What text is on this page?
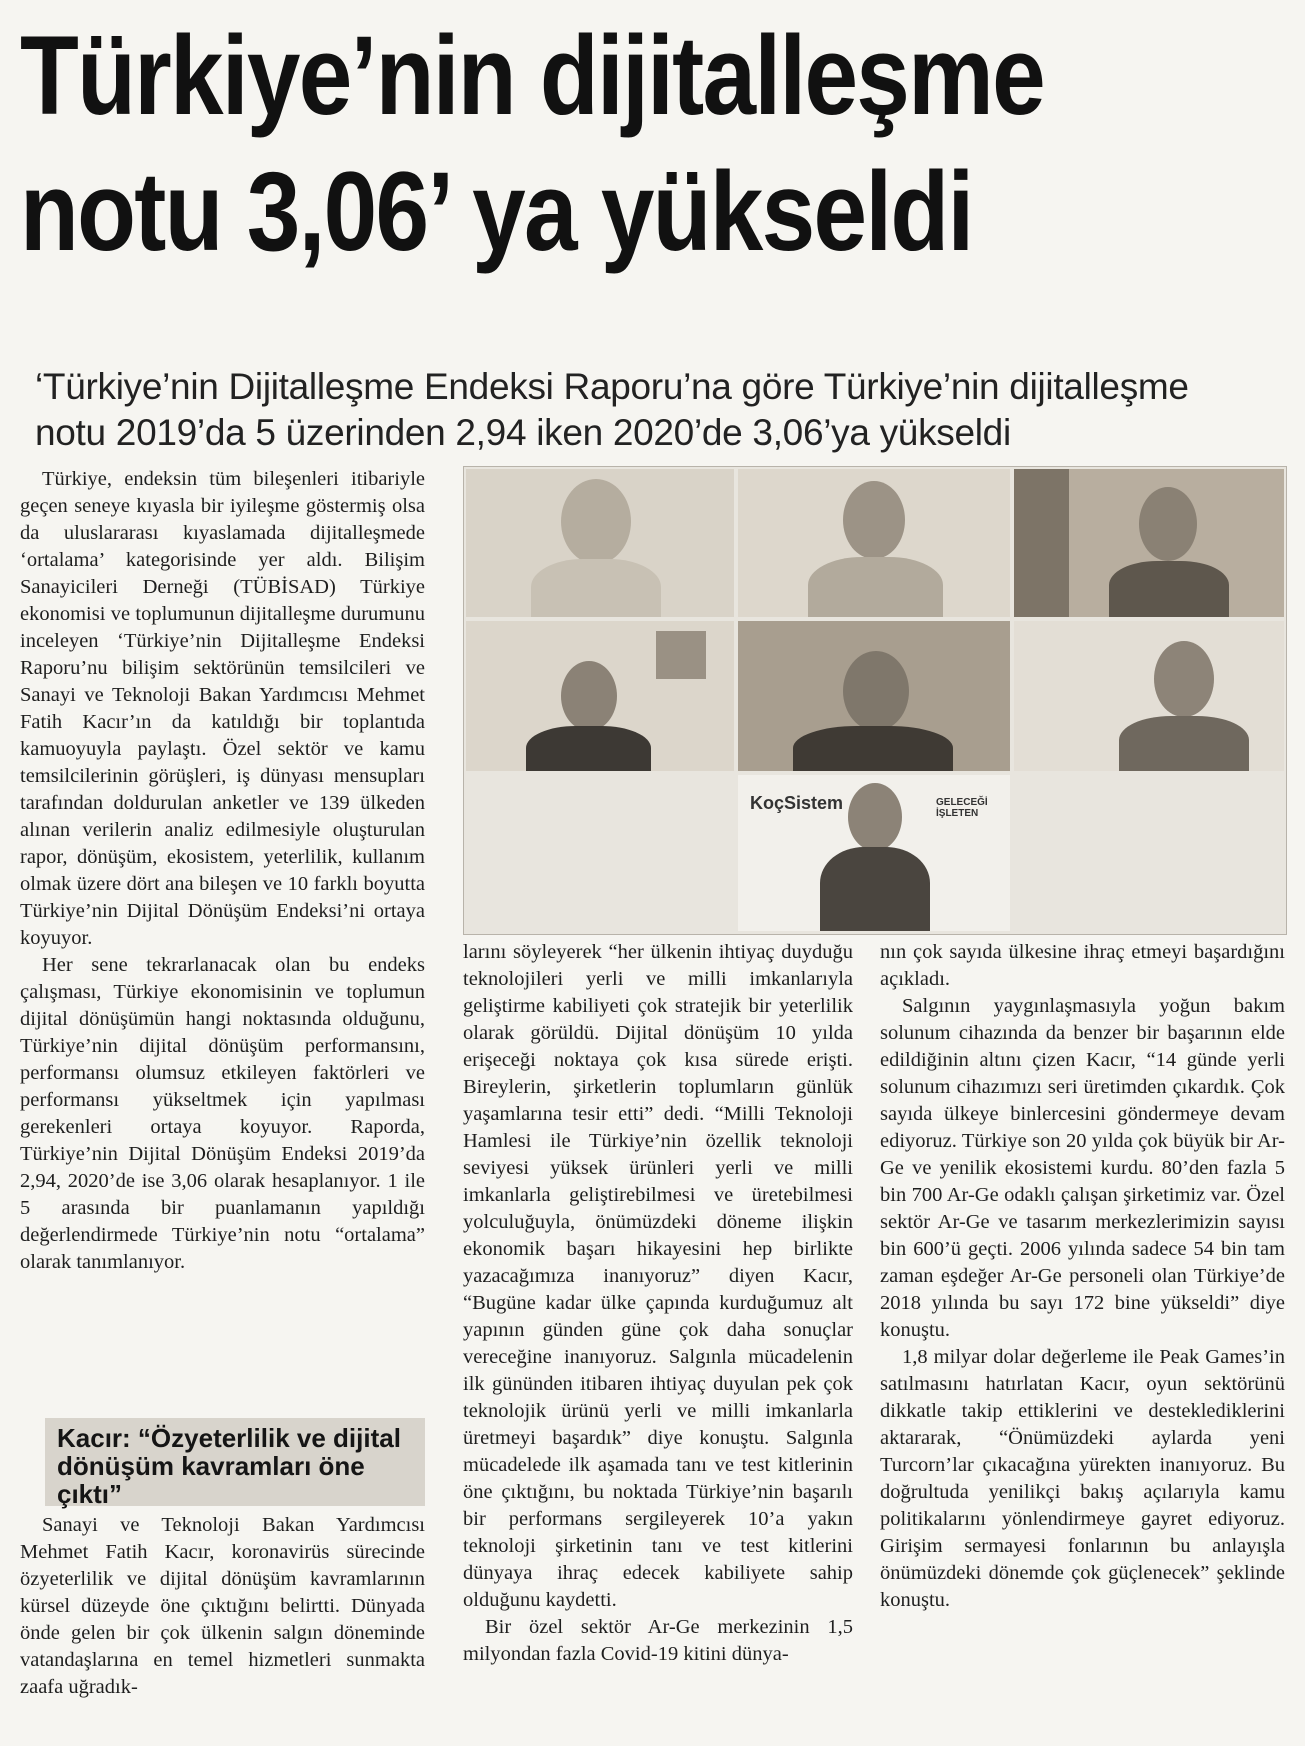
Türkiye’nin dijitalleşme
notu 3,06’ ya yükseldi
‘Türkiye’nin Dijitalleşme Endeksi Raporu’na göre Türkiye’nin dijitalleşme
notu 2019’da 5 üzerinden 2,94 iken 2020’de 3,06’ya yükseldi

Türkiye, endeksin tüm bileşenleri itibariyle geçen seneye kıyasla bir iyileşme göstermiş olsa da uluslararası kıyaslamada dijitalleşmede ‘ortalama’ kategorisinde yer aldı. Bilişim Sanayicileri Derneği (TÜBİSAD) Türkiye ekonomisi ve toplumunun dijitalleşme durumunu inceleyen ‘Türkiye’nin Dijitalleşme Endeksi Raporu’nu bilişim sektörünün temsilcileri ve Sanayi ve Teknoloji Bakan Yardımcısı Mehmet Fatih Kacır’ın da katıldığı bir toplantıda kamuoyuyla paylaştı. Özel sektör ve kamu temsilcilerinin görüşleri, iş dünyası mensupları tarafından doldurulan anketler ve 139 ülkeden alınan verilerin analiz edilmesiyle oluşturulan rapor, dönüşüm, ekosistem, yeterlilik, kullanım olmak üzere dört ana bileşen ve 10 farklı boyutta Türkiye’nin Dijital Dönüşüm Endeksi’ni ortaya koyuyor.

Her sene tekrarlanacak olan bu endeks çalışması, Türkiye ekonomisinin ve toplumun dijital dönüşümün hangi noktasında olduğunu, Türkiye’nin dijital dönüşüm performansını, performansı olumsuz etkileyen faktörleri ve performansı yükseltmek için yapılması gerekenleri ortaya koyuyor. Raporda, Türkiye’nin Dijital Dönüşüm Endeksi 2019’da 2,94, 2020’de ise 3,06 olarak hesaplanıyor. 1 ile 5 arasında bir puanlamanın yapıldığı değerlendirmede Türkiye’nin notu “ortalama” olarak tanımlanıyor.

Kacır: “Özyeterlilik ve dijital dönüşüm kavramları öne çıktı”

Sanayi ve Teknoloji Bakan Yardımcısı Mehmet Fatih Kacır, koronavirüs sürecinde özyeterlilik ve dijital dönüşüm kavramlarının kürsel düzeyde öne çıktığını belirtti. Dünyada önde gelen bir çok ülkenin salgın döneminde vatandaşlarına en temel hizmetleri sunmakta zaafa uğradık-

KoçSistem	GELECEĞİ İŞLETEN

larını söyleyerek “her ülkenin ihtiyaç duyduğu teknolojileri yerli ve milli imkanlarıyla geliştirme kabiliyeti çok stratejik bir yeterlilik olarak görüldü. Dijital dönüşüm 10 yılda erişeceği noktaya çok kısa sürede erişti. Bireylerin, şirketlerin toplumların günlük yaşamlarına tesir etti” dedi. “Milli Teknoloji Hamlesi ile Türkiye’nin özellik teknoloji seviyesi yüksek ürünleri yerli ve milli imkanlarla geliştirebilmesi ve üretebilmesi yolculuğuyla, önümüzdeki döneme ilişkin ekonomik başarı hikayesini hep birlikte yazacağımıza inanıyoruz” diyen Kacır, “Bugüne kadar ülke çapında kurduğumuz alt yapının günden güne çok daha sonuçlar vereceğine inanıyoruz. Salgınla mücadelenin ilk gününden itibaren ihtiyaç duyulan pek çok teknolojik ürünü yerli ve milli imkanlarla üretmeyi başardık” diye konuştu. Salgınla mücadelede ilk aşamada tanı ve test kitlerinin öne çıktığını, bu noktada Türkiye’nin başarılı bir performans sergileyerek 10’a yakın teknoloji şirketinin tanı ve test kitlerini dünyaya ihraç edecek kabiliyete sahip olduğunu kaydetti.

Bir özel sektör Ar-Ge merkezinin 1,5 milyondan fazla Covid-19 kitini dünya-

nın çok sayıda ülkesine ihraç etmeyi başardığını açıkladı.

Salgının yaygınlaşmasıyla yoğun bakım solunum cihazında da benzer bir başarının elde edildiğinin altını çizen Kacır, “14 günde yerli solunum cihazımızı seri üretimden çıkardık. Çok sayıda ülkeye binlercesini göndermeye devam ediyoruz. Türkiye son 20 yılda çok büyük bir Ar-Ge ve yenilik ekosistemi kurdu. 80’den fazla 5 bin 700 Ar-Ge odaklı çalışan şirketimiz var. Özel sektör Ar-Ge ve tasarım merkezlerimizin sayısı bin 600’ü geçti. 2006 yılında sadece 54 bin tam zaman eşdeğer Ar-Ge personeli olan Türkiye’de 2018 yılında bu sayı 172 bine yükseldi” diye konuştu.

1,8 milyar dolar değerleme ile Peak Games’in satılmasını hatırlatan Kacır, oyun sektörünü dikkatle takip ettiklerini ve desteklediklerini aktararak, “Önümüzdeki aylarda yeni Turcorn’lar çıkacağına yürekten inanıyoruz. Bu doğrultuda yenilikçi bakış açılarıyla kamu politikalarını yönlendirmeye gayret ediyoruz. Girişim sermayesi fonlarının bu anlayışla önümüzdeki dönemde çok güçlenecek” şeklinde konuştu.
